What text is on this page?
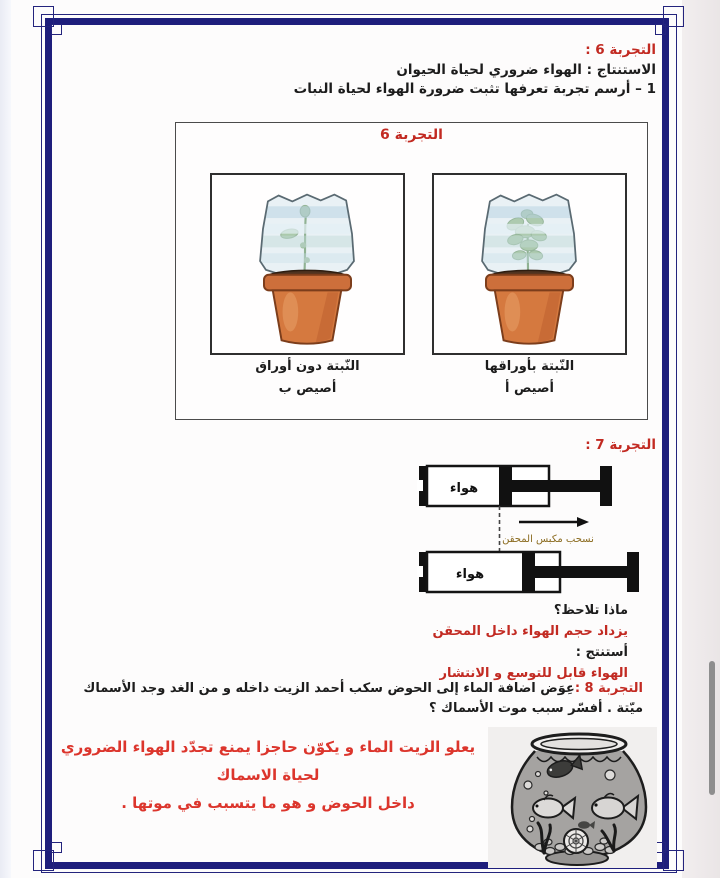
التجربة 6 :
الاستنتاج : الهواء ضروري لحياة الحيوان
1 – أرسم تجربة تعرفها تثبت ضرورة الهواء لحياة النبات
التجربة 6
النّبتة دون أوراق
أصيص ب
النّبتة بأوراقها
أصيص أ
التجربة 7 :
هواء
نسحب مكبس المحقن
هواء
ماذا تلاحظ؟
يزداد حجم الهواء داخل المحقن
أستنتج :
الهواء قابل للتوسع و الانتشار
التجربة 8 :عِوَض اضافة الماء إلى الحوض سكب أحمد الزيت داخله و من الغد وجد الأسماك
ميّتة . أفسّر سبب موت الأسماك ؟
يعلو الزيت الماء و يكوّن حاجزا يمنع تجدّد الهواء الضروري لحياة الاسماك
داخل الحوض و هو ما يتسبب في موتها .
